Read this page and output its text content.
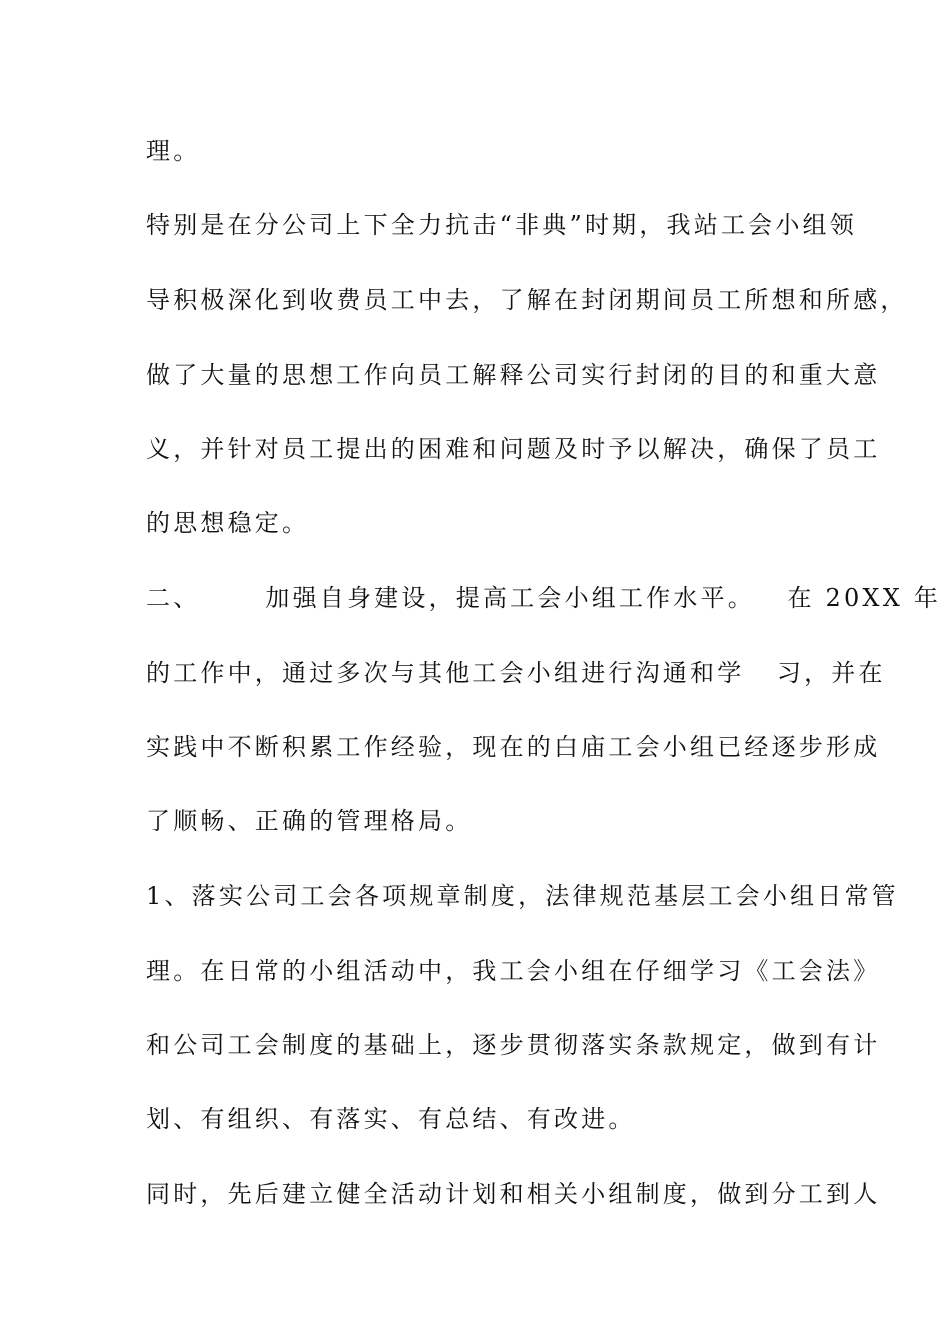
理。
特别是在分公司上下全力抗击“非典”时期，我站工会小组领
导积极深化到收费员工中去，了解在封闭期间员工所想和所感，
做了大量的思想工作向员工解释公司实行封闭的目的和重大意
义，并针对员工提出的困难和问题及时予以解决，确保了员工
的思想稳定。
二、      加强自身建设，提高工会小组工作水平。   在 20XX 年
的工作中，通过多次与其他工会小组进行沟通和学   习，并在
实践中不断积累工作经验，现在的白庙工会小组已经逐步形成
了顺畅、正确的管理格局。
1、落实公司工会各项规章制度，法律规范基层工会小组日常管
理。在日常的小组活动中，我工会小组在仔细学习《工会法》
和公司工会制度的基础上，逐步贯彻落实条款规定，做到有计
划、有组织、有落实、有总结、有改进。
同时，先后建立健全活动计划和相关小组制度，做到分工到人
